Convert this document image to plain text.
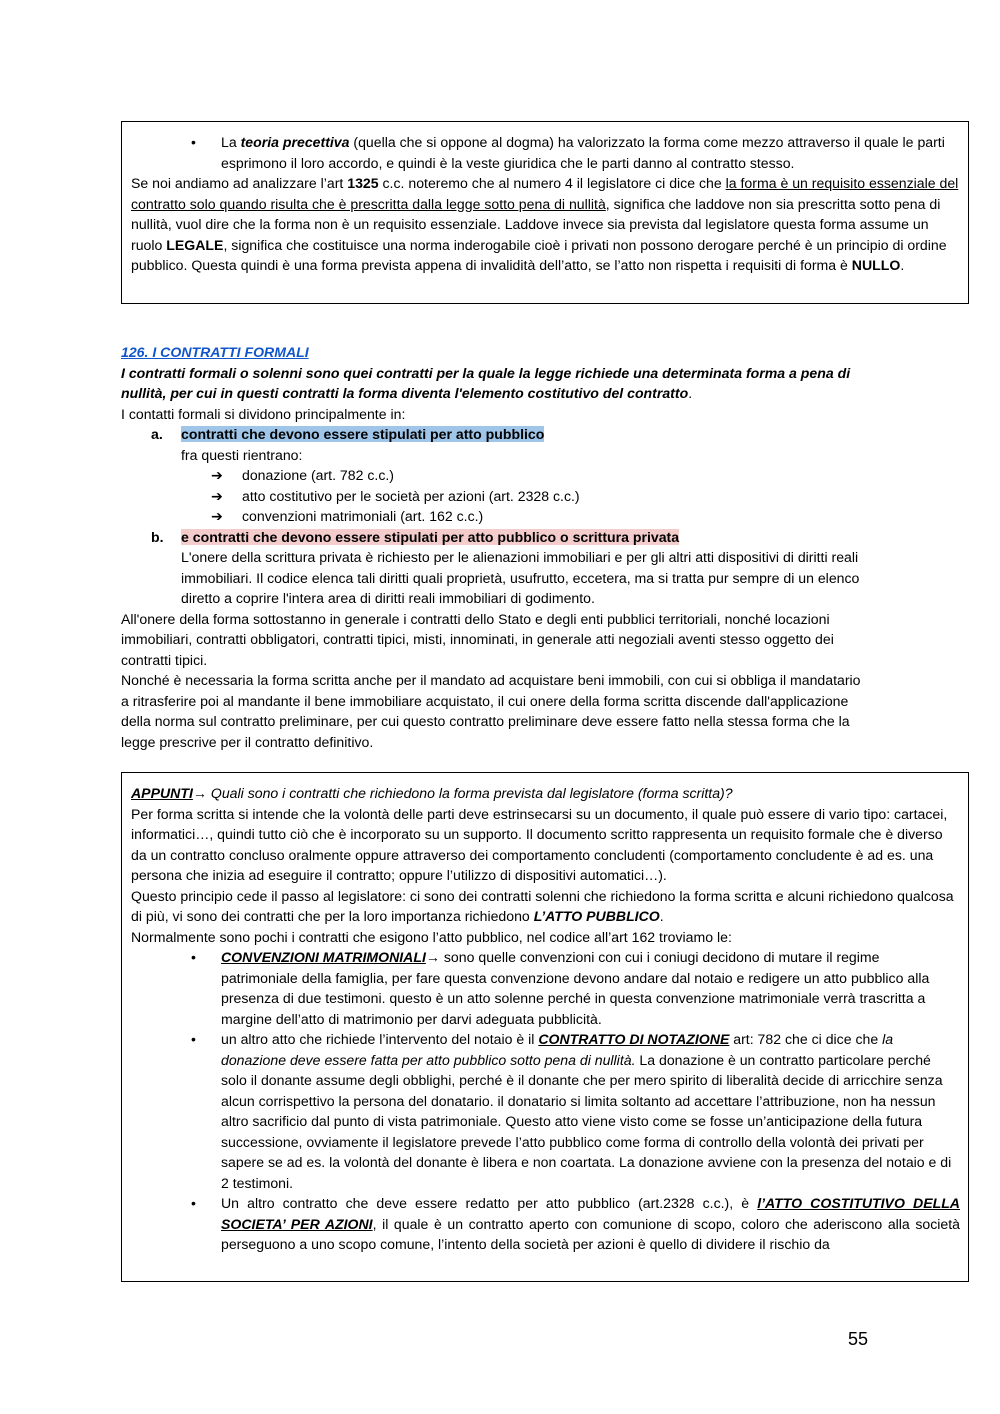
• La teoria precettiva (quella che si oppone al dogma) ha valorizzato la forma come mezzo attraverso il quale le parti esprimono il loro accordo, e quindi è la veste giuridica che le parti danno al contratto stesso.
Se noi andiamo ad analizzare l’art 1325 c.c. noteremo che al numero 4 il legislatore ci dice che la forma è un requisito essenziale del contratto solo quando risulta che è prescritta dalla legge sotto pena di nullità, significa che laddove non sia prescritta sotto pena di nullità, vuol dire che la forma non è un requisito essenziale. Laddove invece sia prevista dal legislatore questa forma assume un ruolo LEGALE, significa che costituisce una norma inderogabile cioè i privati non possono derogare perché è un principio di ordine pubblico. Questa quindi è una forma prevista appena di invalidità dell’atto, se l’atto non rispetta i requisiti di forma è NULLO.
126. I CONTRATTI FORMALI
I contratti formali o solenni sono quei contratti per la quale la legge richiede una determinata forma a pena di nullità, per cui in questi contratti la forma diventa l'elemento costitutivo del contratto.
I contatti formali si dividono principalmente in:
a. contratti che devono essere stipulati per atto pubblico
fra questi rientrano:
➔ donazione (art. 782 c.c.)
➔ atto costitutivo per le società per azioni (art. 2328 c.c.)
➔ convenzioni matrimoniali (art. 162 c.c.)
b. e contratti che devono essere stipulati per atto pubblico o scrittura privata
L'onere della scrittura privata è richiesto per le alienazioni immobiliari e per gli altri atti dispositivi di diritti reali immobiliari. Il codice elenca tali diritti quali proprietà, usufrutto, eccetera, ma si tratta pur sempre di un elenco diretto a coprire l'intera area di diritti reali immobiliari di godimento.
All'onere della forma sottostanno in generale i contratti dello Stato e degli enti pubblici territoriali, nonché locazioni immobiliari, contratti obbligatori, contratti tipici, misti, innominati, in generale atti negoziali aventi stesso oggetto dei contratti tipici.
Nonché è necessaria la forma scritta anche per il mandato ad acquistare beni immobili, con cui si obbliga il mandatario a ritrasferire poi al mandante il bene immobiliare acquistato, il cui onere della forma scritta discende dall'applicazione della norma sul contratto preliminare, per cui questo contratto preliminare deve essere fatto nella stessa forma che la legge prescrive per il contratto definitivo.
APPUNTI→ Quali sono i contratti che richiedono la forma prevista dal legislatore (forma scritta)?
Per forma scritta si intende che la volontà delle parti deve estrinsecarsi su un documento, il quale può essere di vario tipo: cartacei, informatici…, quindi tutto ciò che è incorporato su un supporto. Il documento scritto rappresenta un requisito formale che è diverso da un contratto concluso oralmente oppure attraverso dei comportamento concludenti (comportamento concludente è ad es. una persona che inizia ad eseguire il contratto; oppure l’utilizzo di dispositivi automatici…).
Questo principio cede il passo al legislatore: ci sono dei contratti solenni che richiedono la forma scritta e alcuni richiedono qualcosa di più, vi sono dei contratti che per la loro importanza richiedono L’ATTO PUBBLICO.
Normalmente sono pochi i contratti che esigono l’atto pubblico, nel codice all’art 162 troviamo le:
• CONVENZIONI MATRIMONIALI→ sono quelle convenzioni con cui i coniugi decidono di mutare il regime patrimoniale della famiglia, per fare questa convenzione devono andare dal notaio e redigere un atto pubblico alla presenza di due testimoni. questo è un atto solenne perché in questa convenzione matrimoniale verrà trascritta a margine dell’atto di matrimonio per darvi adeguata pubblicità.
• un altro atto che richiede l’intervento del notaio è il CONTRATTO DI NOTAZIONE art: 782 che ci dice che la donazione deve essere fatta per atto pubblico sotto pena di nullità. La donazione è un contratto particolare perché solo il donante assume degli obblighi, perché è il donante che per mero spirito di liberalità decide di arricchire senza alcun corrispettivo la persona del donatario. il donatario si limita soltanto ad accettare l’attribuzione, non ha nessun altro sacrificio dal punto di vista patrimoniale. Questo atto viene visto come se fosse un’anticipazione della futura successione, ovviamente il legislatore prevede l’atto pubblico come forma di controllo della volontà dei privati per sapere se ad es. la volontà del donante è libera e non coartata. La donazione avviene con la presenza del notaio e di 2 testimoni.
• Un altro contratto che deve essere redatto per atto pubblico (art.2328 c.c.), è l’ATTO COSTITUTIVO DELLA SOCIETA’ PER AZIONI, il quale è un contratto aperto con comunione di scopo, coloro che aderiscono alla società perseguono a uno scopo comune, l’intento della società per azioni è quello di dividere il rischio da
55
